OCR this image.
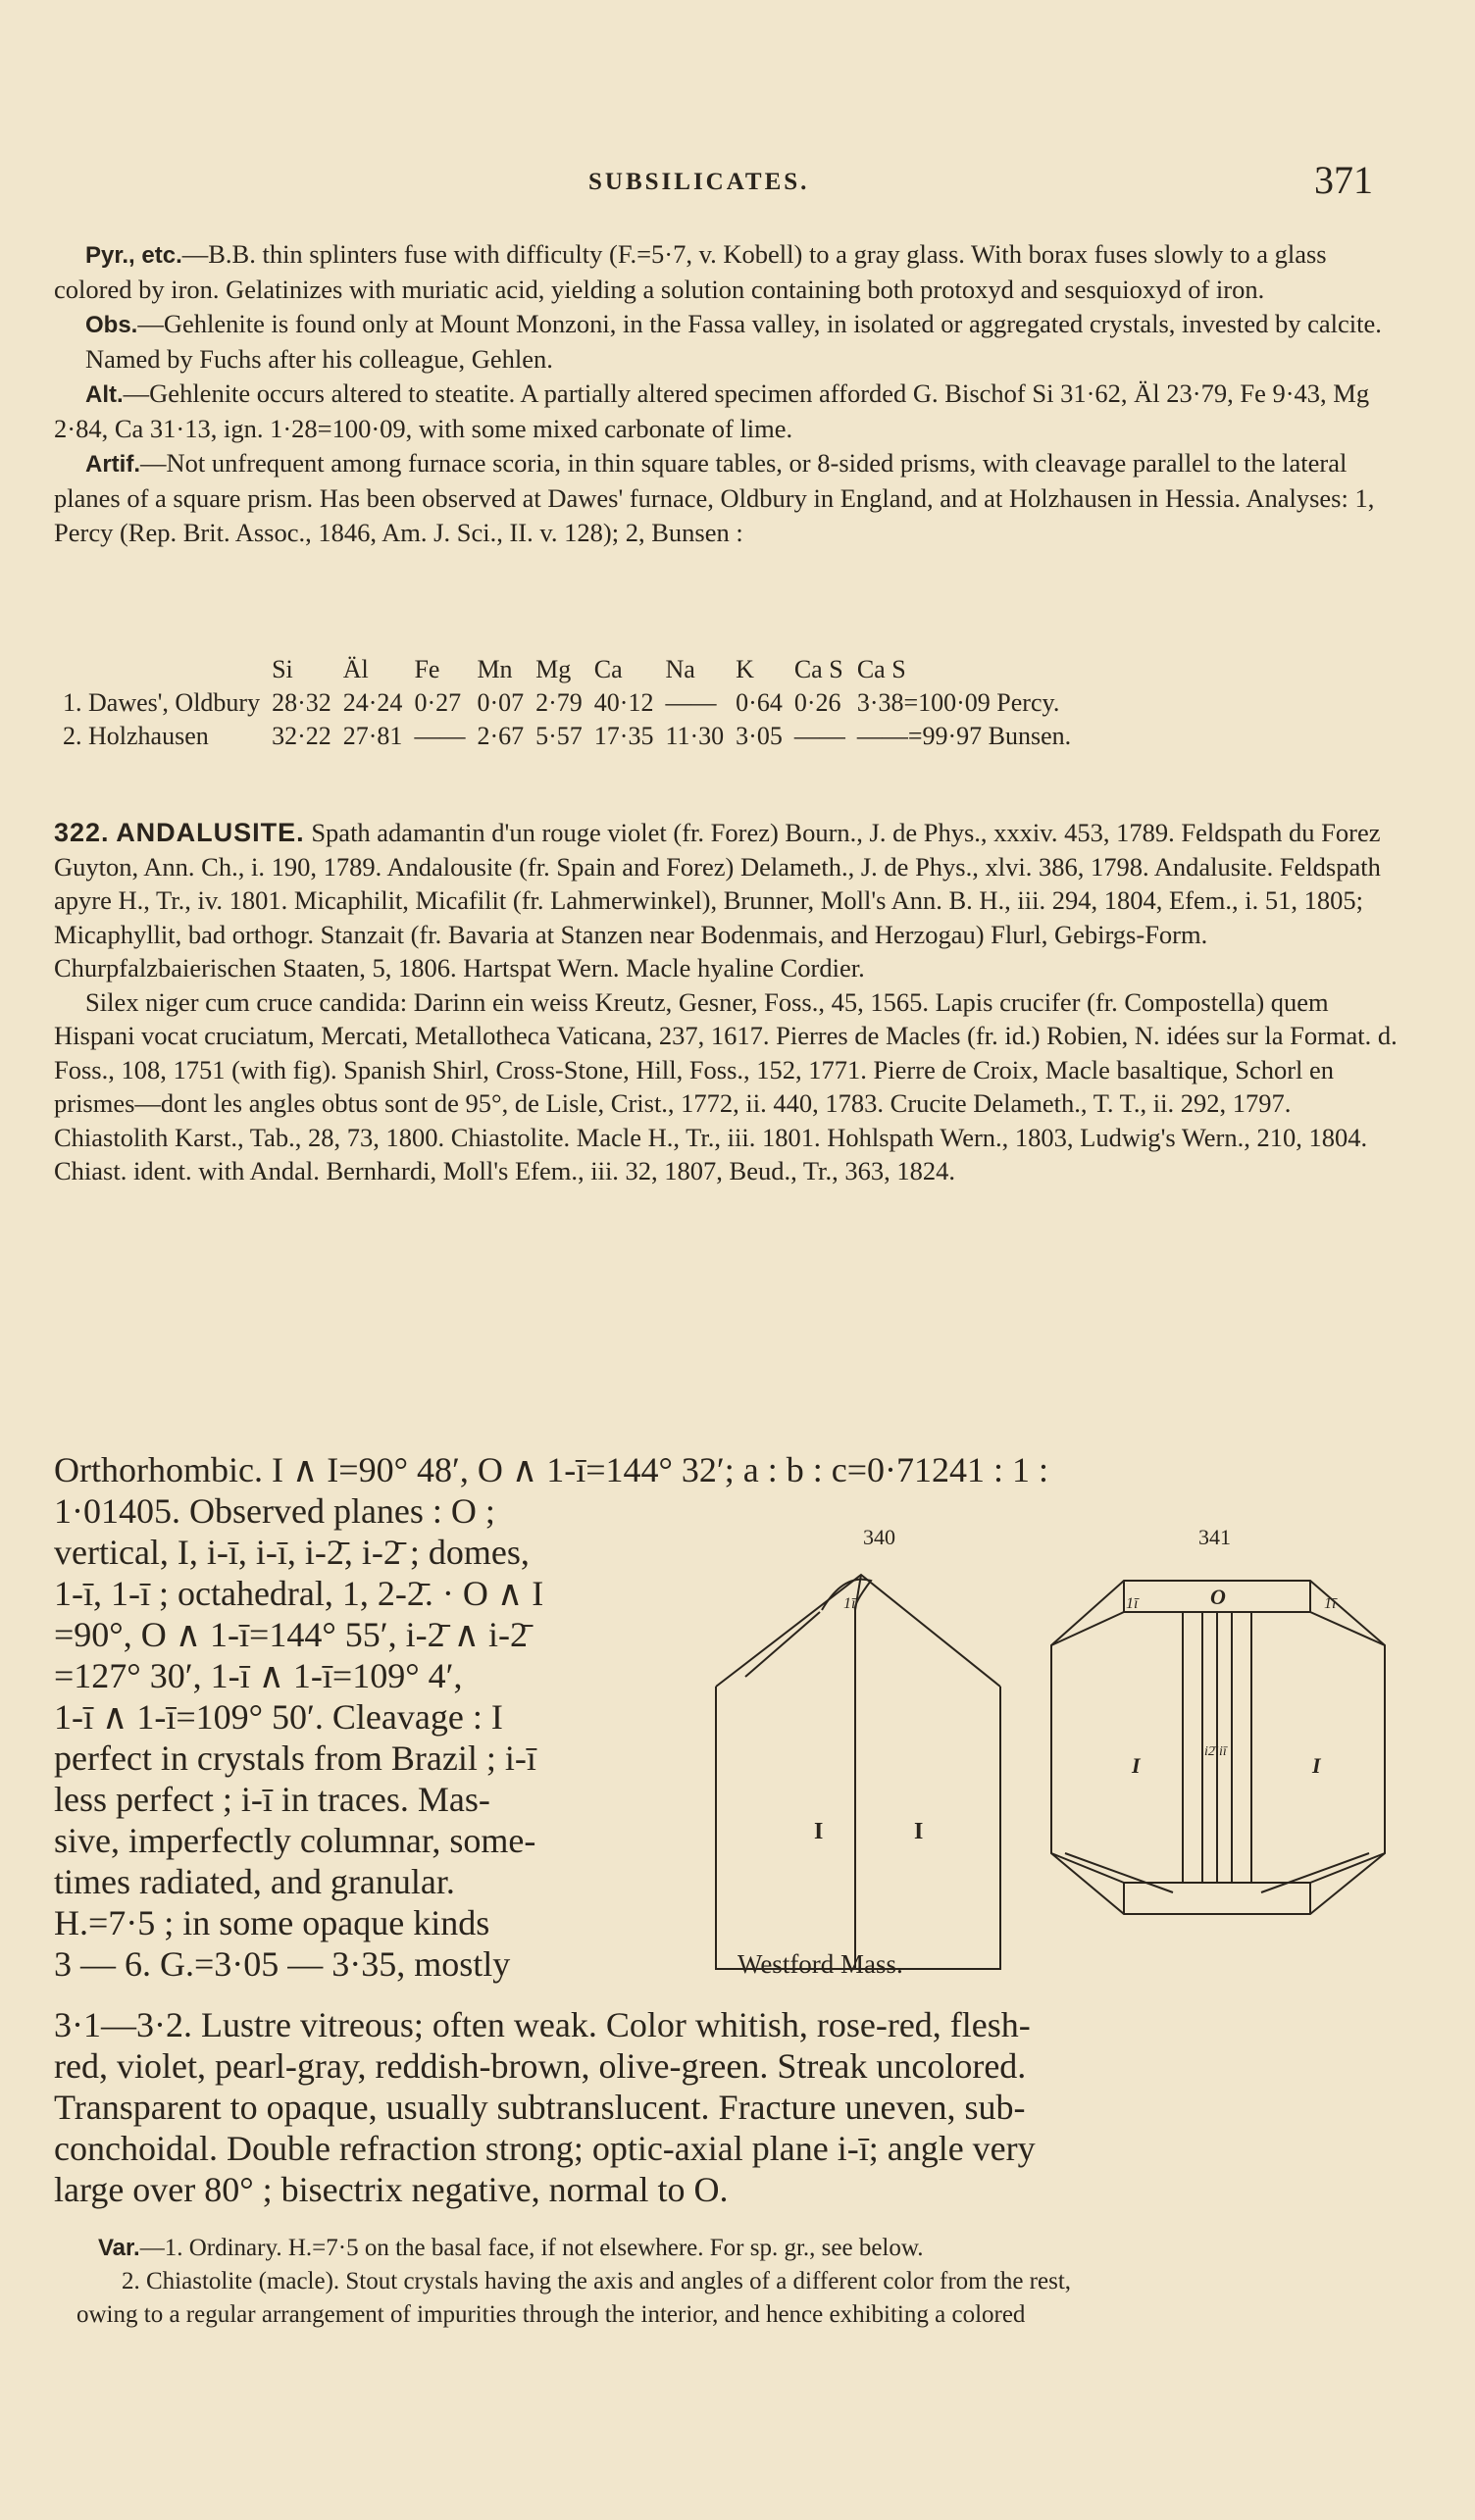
SUBSILICATES.	371

Pyr., etc.—B.B. thin splinters fuse with difficulty (F.=5·7, v. Kobell) to a gray glass. With borax fuses slowly to a glass colored by iron. Gelatinizes with muriatic acid, yielding a solution containing both protoxyd and sesquioxyd of iron.

Obs.—Gehlenite is found only at Mount Monzoni, in the Fassa valley, in isolated or aggregated crystals, invested by calcite.

Named by Fuchs after his colleague, Gehlen.

Alt.—Gehlenite occurs altered to steatite. A partially altered specimen afforded G. Bischof Si 31·62, Äl 23·79, Fe 9·43, Mg 2·84, Ca 31·13, ign. 1·28=100·09, with some mixed carbonate of lime.

Artif.—Not unfrequent among furnace scoria, in thin square tables, or 8-sided prisms, with cleavage parallel to the lateral planes of a square prism. Has been observed at Dawes' furnace, Oldbury in England, and at Holzhausen in Hessia. Analyses: 1, Percy (Rep. Brit. Assoc., 1846, Am. J. Sci., II. v. 128); 2, Bunsen :

	Si	Äl	Fe	Mn	Mg	Ca	Na	K	Ca S	Ca S
1. Dawes', Oldbury	28·32	24·24	0·27	0·07	2·79	40·12	——	0·64	0·26	3·38=100·09 Percy.
2. Holzhausen	32·22	27·81	——	2·67	5·57	17·35	11·30	3·05	——	——=99·97 Bunsen.

322. ANDALUSITE. Spath adamantin d'un rouge violet (fr. Forez) Bourn., J. de Phys., xxxiv. 453, 1789. Feldspath du Forez Guyton, Ann. Ch., i. 190, 1789. Andalousite (fr. Spain and Forez) Delameth., J. de Phys., xlvi. 386, 1798. Andalusite. Feldspath apyre H., Tr., iv. 1801. Micaphilit, Micafilit (fr. Lahmerwinkel), Brunner, Moll's Ann. B. H., iii. 294, 1804, Efem., i. 51, 1805; Micaphyllit, bad orthogr. Stanzait (fr. Bavaria at Stanzen near Bodenmais, and Herzogau) Flurl, Gebirgs-Form. Churpfalzbaierischen Staaten, 5, 1806. Hartspat Wern. Macle hyaline Cordier.

Silex niger cum cruce candida: Darinn ein weiss Kreutz, Gesner, Foss., 45, 1565. Lapis crucifer (fr. Compostella) quem Hispani vocat cruciatum, Mercati, Metallotheca Vaticana, 237, 1617. Pierres de Macles (fr. id.) Robien, N. idées sur la Format. d. Foss., 108, 1751 (with fig). Spanish Shirl, Cross-Stone, Hill, Foss., 152, 1771. Pierre de Croix, Macle basaltique, Schorl en prismes—dont les angles obtus sont de 95°, de Lisle, Crist., 1772, ii. 440, 1783. Crucite Delameth., T. T., ii. 292, 1797. Chiastolith Karst., Tab., 28, 73, 1800. Chiastolite. Macle H., Tr., iii. 1801. Hohlspath Wern., 1803, Ludwig's Wern., 210, 1804. Chiast. ident. with Andal. Bernhardi, Moll's Efem., iii. 32, 1807, Beud., Tr., 363, 1824.

Orthorhombic. I ∧ I=90° 48′, O ∧ 1-ī=144° 32′; a : b : c=0·71241 : 1 :
1·01405. Observed planes : O ;
vertical, I, i-ī, i-ī, i-2̄, i-2̄ ; domes,
1-ī, 1-ī ; octahedral, 1, 2-2̄. · O ∧ I
=90°, O ∧ 1-ī=144° 55′, i-2̄ ∧ i-2̄
=127° 30′, 1-ī ∧ 1-ī=109° 4′,
1-ī ∧ 1-ī=109° 50′. Cleavage : I
perfect in crystals from Brazil ; i-ī
less perfect ; i-ī in traces. Mas-
sive, imperfectly columnar, some-
times radiated, and granular.
H.=7·5 ; in some opaque kinds
3 — 6. G.=3·05 — 3·35, mostly
3·1—3·2. Lustre vitreous; often weak. Color whitish, rose-red, flesh-
red, violet, pearl-gray, reddish-brown, olive-green. Streak uncolored.
Transparent to opaque, usually subtranslucent. Fracture uneven, sub-
conchoidal. Double refraction strong; optic-axial plane i-ī; angle very
large over 80° ; bisectrix negative, normal to O.
340
I	I
1ī
Westford Mass.
341
O
1ī	1ī
I	I
i2̄ iī
Var.—1. Ordinary. H.=7·5 on the basal face, if not elsewhere. For sp. gr., see below.
2. Chiastolite (macle). Stout crystals having the axis and angles of a different color from the rest,
owing to a regular arrangement of impurities through the interior, and hence exhibiting a colored
